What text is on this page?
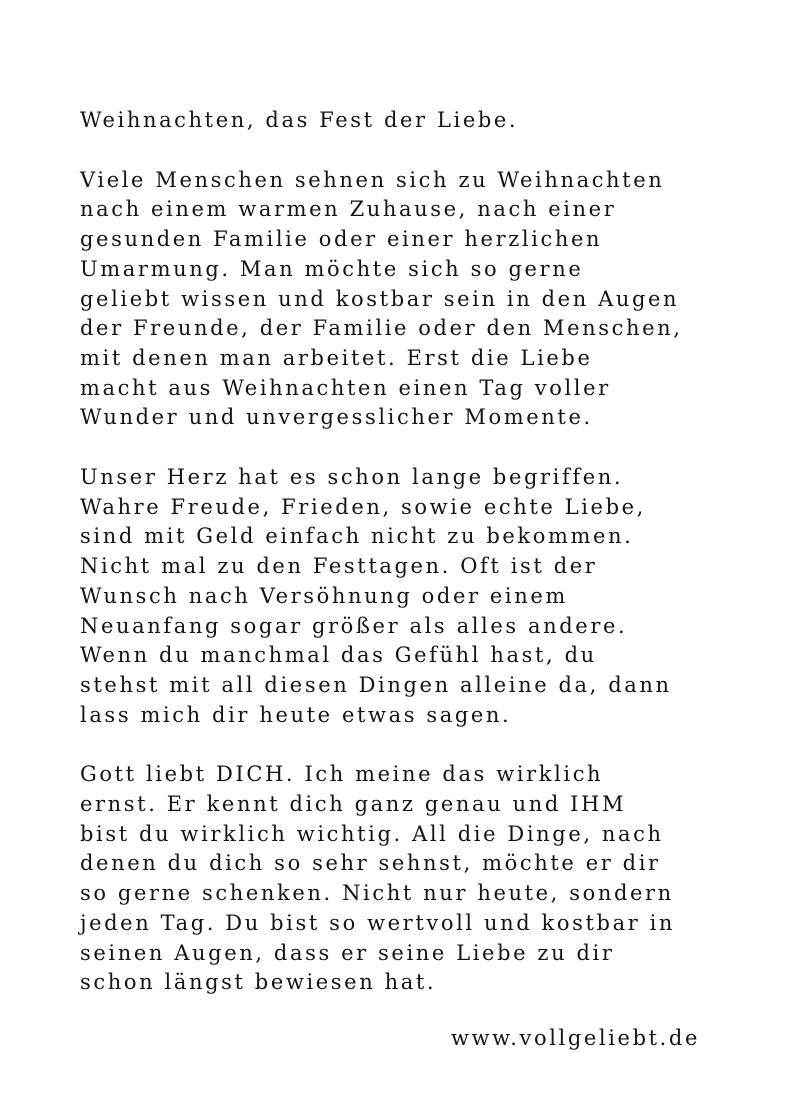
Weihnachten, das Fest der Liebe.

Viele Menschen sehnen sich zu Weihnachten
nach einem warmen Zuhause, nach einer
gesunden Familie oder einer herzlichen
Umarmung. Man möchte sich so gerne
geliebt wissen und kostbar sein in den Augen
der Freunde, der Familie oder den Menschen,
mit denen man arbeitet. Erst die Liebe
macht aus Weihnachten einen Tag voller
Wunder und unvergesslicher Momente.

Unser Herz hat es schon lange begriffen.
Wahre Freude, Frieden, sowie echte Liebe,
sind mit Geld einfach nicht zu bekommen.
Nicht mal zu den Festtagen. Oft ist der
Wunsch nach Versöhnung oder einem
Neuanfang sogar größer als alles andere.
Wenn du manchmal das Gefühl hast, du
stehst mit all diesen Dingen alleine da, dann
lass mich dir heute etwas sagen.

Gott liebt DICH. Ich meine das wirklich
ernst. Er kennt dich ganz genau und IHM
bist du wirklich wichtig. All die Dinge, nach
denen du dich so sehr sehnst, möchte er dir
so gerne schenken. Nicht nur heute, sondern
jeden Tag. Du bist so wertvoll und kostbar in
seinen Augen, dass er seine Liebe zu dir
schon längst bewiesen hat.

www.vollgeliebt.de
